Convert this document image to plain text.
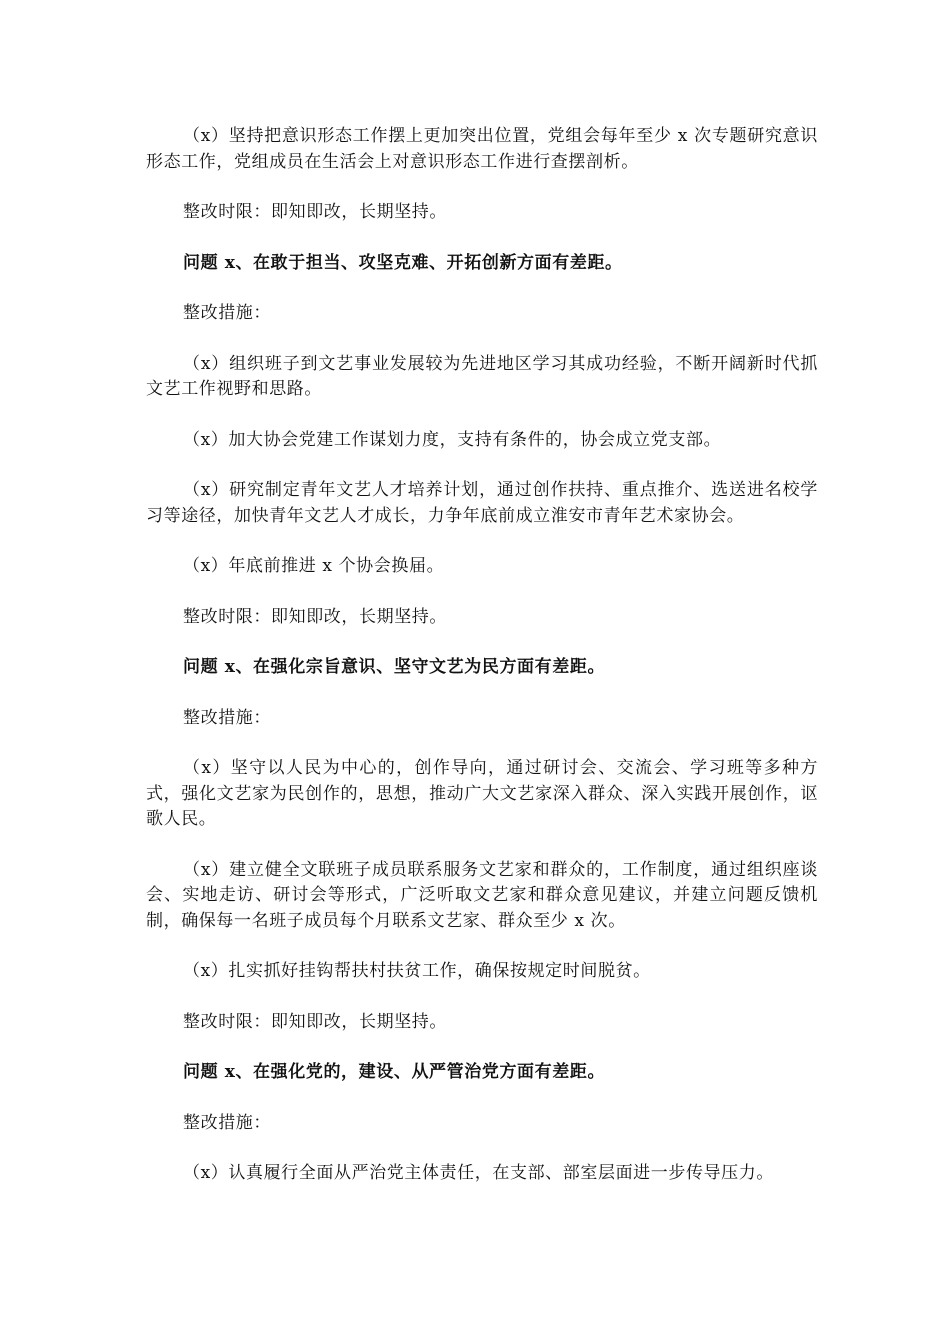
（x）坚持把意识形态工作摆上更加突出位置，党组会每年至少 x 次专题研究意识形态工作，党组成员在生活会上对意识形态工作进行查摆剖析。

整改时限：即知即改，长期坚持。

问题 x、在敢于担当、攻坚克难、开拓创新方面有差距。

整改措施：

（x）组织班子到文艺事业发展较为先进地区学习其成功经验，不断开阔新时代抓文艺工作视野和思路。

（x）加大协会党建工作谋划力度，支持有条件的，协会成立党支部。

（x）研究制定青年文艺人才培养计划，通过创作扶持、重点推介、选送进名校学习等途径，加快青年文艺人才成长，力争年底前成立淮安市青年艺术家协会。

（x）年底前推进 x 个协会换届。

整改时限：即知即改，长期坚持。

问题 x、在强化宗旨意识、坚守文艺为民方面有差距。

整改措施：

（x）坚守以人民为中心的，创作导向，通过研讨会、交流会、学习班等多种方式，强化文艺家为民创作的，思想，推动广大文艺家深入群众、深入实践开展创作，讴歌人民。

（x）建立健全文联班子成员联系服务文艺家和群众的，工作制度，通过组织座谈会、实地走访、研讨会等形式，广泛听取文艺家和群众意见建议，并建立问题反馈机制，确保每一名班子成员每个月联系文艺家、群众至少 x 次。

（x）扎实抓好挂钩帮扶村扶贫工作，确保按规定时间脱贫。

整改时限：即知即改，长期坚持。

问题 x、在强化党的，建设、从严管治党方面有差距。

整改措施：

（x）认真履行全面从严治党主体责任，在支部、部室层面进一步传导压力。
